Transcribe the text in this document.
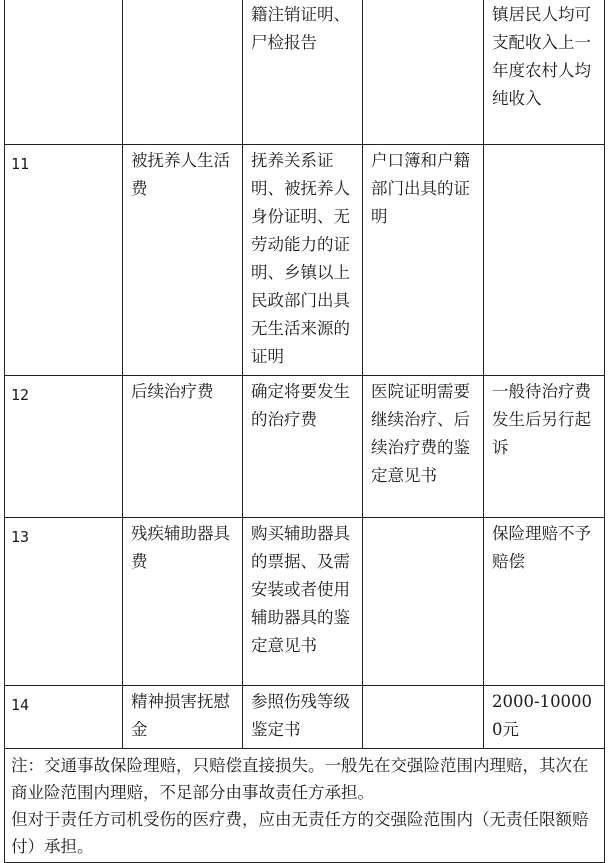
		籍注销证明、尸检报告		镇居民人均可支配收入上一年度农村人均纯收入
11	被抚养人生活费	抚养关系证明、被抚养人身份证明、无劳动能力的证明、乡镇以上民政部门出具无生活来源的证明	户口簿和户籍部门出具的证明	
12	后续治疗费	确定将要发生的治疗费	医院证明需要继续治疗、后续治疗费的鉴定意见书	一般待治疗费发生后另行起诉
13	残疾辅助器具费	购买辅助器具的票据、及需安装或者使用辅助器具的鉴定意见书		保险理赔不予赔偿
14	精神损害抚慰金	参照伤残等级鉴定书		2000-100000元

注：交通事故保险理赔，只赔偿直接损失。一般先在交强险范围内理赔，其次在商业险范围内理赔，不足部分由事故责任方承担。
但对于责任方司机受伤的医疗费，应由无责任方的交强险范围内（无责任限额赔付）承担。				
